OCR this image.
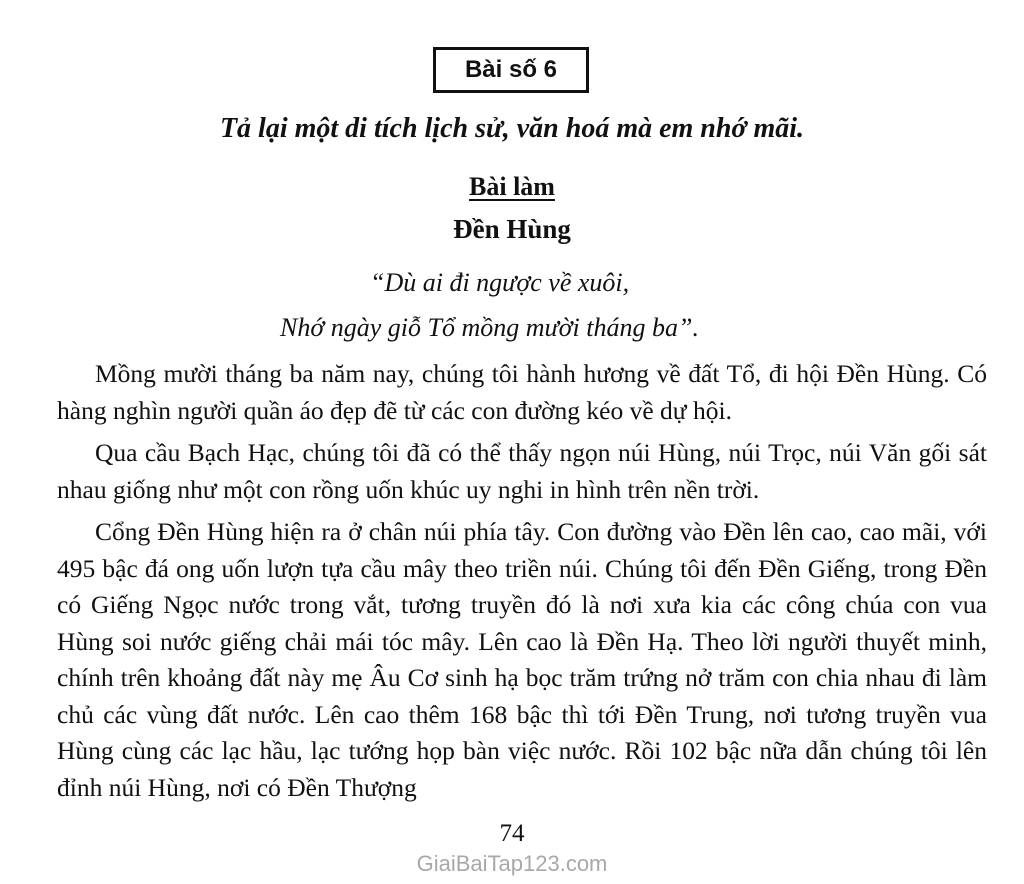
Bài số 6
Tả lại một di tích lịch sử, văn hoá mà em nhớ mãi.
Bài làm
Đền Hùng
“Dù ai đi ngược về xuôi,
Nhớ ngày giỗ Tổ mồng mười tháng ba”.

Mồng mười tháng ba năm nay, chúng tôi hành hương về đất Tổ, đi hội Đền Hùng. Có hàng nghìn người quần áo đẹp đẽ từ các con đường kéo về dự hội.

Qua cầu Bạch Hạc, chúng tôi đã có thể thấy ngọn núi Hùng, núi Trọc, núi Văn gối sát nhau giống như một con rồng uốn khúc uy nghi in hình trên nền trời.

Cổng Đền Hùng hiện ra ở chân núi phía tây. Con đường vào Đền lên cao, cao mãi, với 495 bậc đá ong uốn lượn tựa cầu mây theo triền núi. Chúng tôi đến Đền Giếng, trong Đền có Giếng Ngọc nước trong vắt, tương truyền đó là nơi xưa kia các công chúa con vua Hùng soi nước giếng chải mái tóc mây. Lên cao là Đền Hạ. Theo lời người thuyết minh, chính trên khoảng đất này mẹ Âu Cơ sinh hạ bọc trăm trứng nở trăm con chia nhau đi làm chủ các vùng đất nước. Lên cao thêm 168 bậc thì tới Đền Trung, nơi tương truyền vua Hùng cùng các lạc hầu, lạc tướng họp bàn việc nước. Rồi 102 bậc nữa dẫn chúng tôi lên đỉnh núi Hùng, nơi có Đền Thượng

74
GiaiBaiTap123.com
